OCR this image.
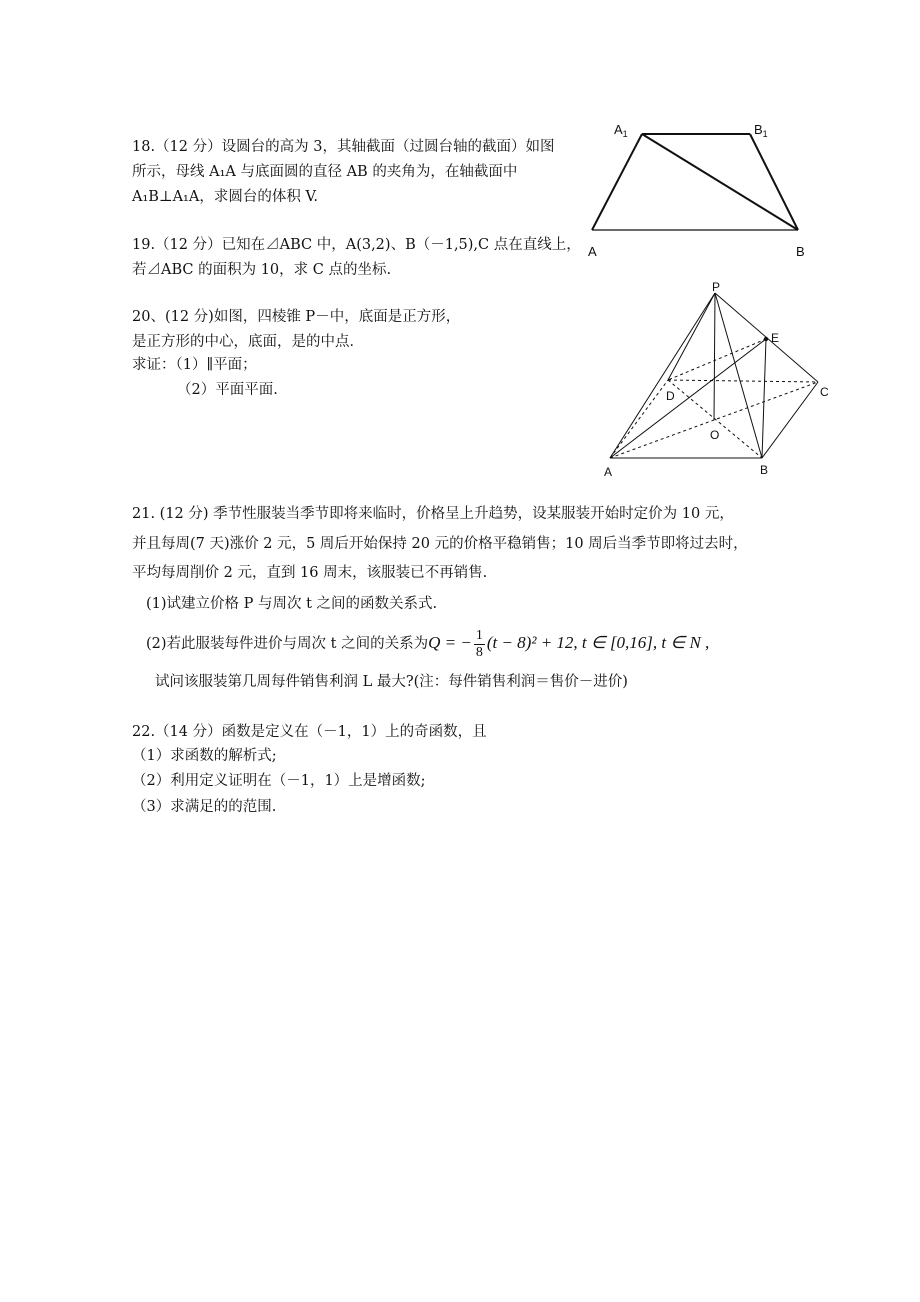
18.（12 分）设圆台的高为 3，其轴截面（过圆台轴的截面）如图
所示，母线 A₁A 与底面圆的直径 AB 的夹角为，在轴截面中
A₁B⊥A₁A，求圆台的体积 V.
$A_1$	$B_1$
A	B
19.（12 分）已知在⊿ABC 中，A(3,2)、B（－1,5),C 点在直线上，
若⊿ABC 的面积为 10，求 C 点的坐标.
20、(12 分)如图，四棱锥 P－中，底面是正方形，
是正方形的中心，底面，是的中点．
求证：（1）∥平面；
（2）平面平面.
P
E
D	C
O
A	B
21. (12 分) 季节性服装当季节即将来临时，价格呈上升趋势，设某服装开始时定价为 10 元，
并且每周(7 天)涨价 2 元，5 周后开始保持 20 元的价格平稳销售；10 周后当季节即将过去时，
平均每周削价 2 元，直到 16 周末，该服装已不再销售.
(1)试建立价格 P 与周次 t 之间的函数关系式.
(2)若此服装每件进价与周次 t 之间的关系为Q = − $\frac{1}{8} (t - 8)^2 + 12$, t ∈ [0,16], t ∈ N ,
试问该服装第几周每件销售利润 L 最大?(注：每件销售利润＝售价－进价)
22.（14 分）函数是定义在（－1，1）上的奇函数，且
（1）求函数的解析式;
（2）利用定义证明在（－1，1）上是增函数;
（3）求满足的的范围.
